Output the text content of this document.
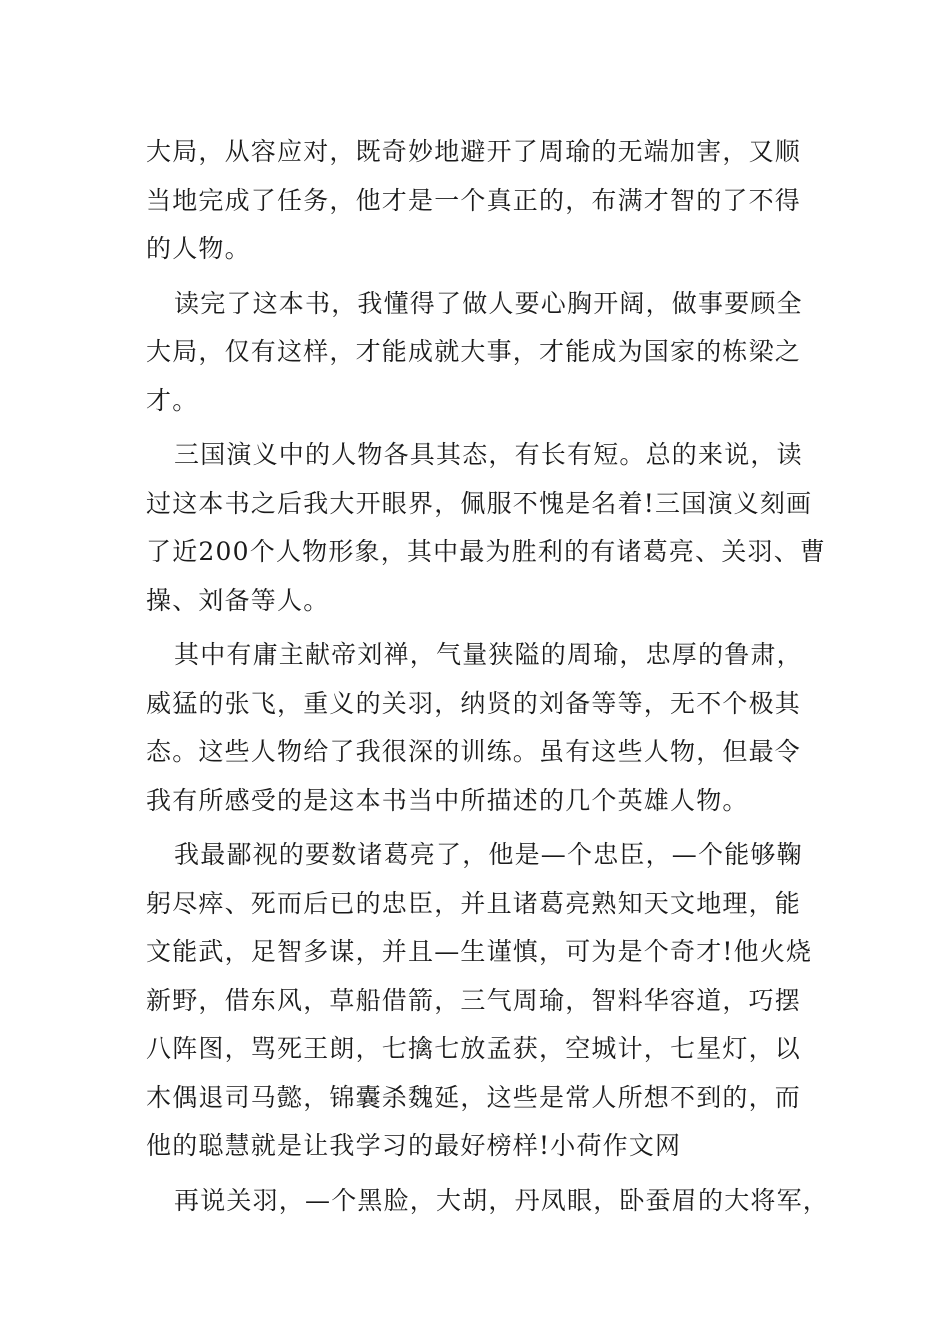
大局，从容应对，既奇妙地避开了周瑜的无端加害，又顺
当地完成了任务，他才是一个真正的，布满才智的了不得
的人物。
读完了这本书，我懂得了做人要心胸开阔，做事要顾全
大局，仅有这样，才能成就大事，才能成为国家的栋梁之
才。
三国演义中的人物各具其态，有长有短。总的来说，读
过这本书之后我大开眼界，佩服不愧是名着!三国演义刻画
了近200个人物形象，其中最为胜利的有诸葛亮、关羽、曹
操、刘备等人。
其中有庸主献帝刘禅，气量狭隘的周瑜，忠厚的鲁肃，
威猛的张飞，重义的关羽，纳贤的刘备等等，无不个极其
态。这些人物给了我很深的训练。虽有这些人物，但最令
我有所感受的是这本书当中所描述的几个英雄人物。
我最鄙视的要数诸葛亮了，他是—个忠臣，—个能够鞠
躬尽瘁、死而后已的忠臣，并且诸葛亮熟知天文地理，能
文能武，足智多谋，并且—生谨慎，可为是个奇才!他火烧
新野，借东风，草船借箭，三气周瑜，智料华容道，巧摆
八阵图，骂死王朗，七擒七放孟获，空城计，七星灯，以
木偶退司马懿，锦囊杀魏延，这些是常人所想不到的，而
他的聪慧就是让我学习的最好榜样!小荷作文网
再说关羽，—个黑脸，大胡，丹凤眼，卧蚕眉的大将军，
